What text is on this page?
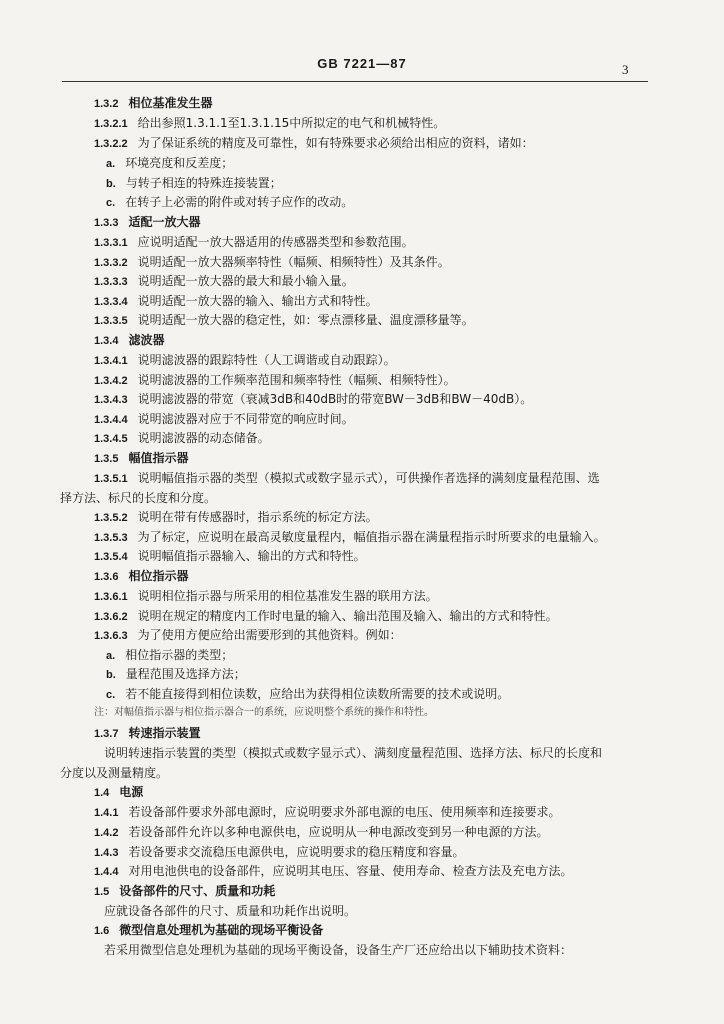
GB 7221—87	3
1.3.2 相位基准发生器
1.3.2.1 给出参照1.3.1.1至1.3.1.15中所拟定的电气和机械特性。
1.3.2.2 为了保证系统的精度及可靠性，如有特殊要求必须给出相应的资料，诸如：
a. 环境亮度和反差度；
b. 与转子相连的特殊连接装置；
c. 在转子上必需的附件或对转子应作的改动。
1.3.3 适配一放大器
1.3.3.1 应说明适配一放大器适用的传感器类型和参数范围。
1.3.3.2 说明适配一放大器频率特性（幅频、相频特性）及其条件。
1.3.3.3 说明适配一放大器的最大和最小输入量。
1.3.3.4 说明适配一放大器的输入、输出方式和特性。
1.3.3.5 说明适配一放大器的稳定性，如：零点漂移量、温度漂移量等。
1.3.4 滤波器
1.3.4.1 说明滤波器的跟踪特性（人工调谐或自动跟踪）。
1.3.4.2 说明滤波器的工作频率范围和频率特性（幅频、相频特性）。
1.3.4.3 说明滤波器的带宽（衰减3dB和40dB时的带宽BW－3dB和BW－40dB）。
1.3.4.4 说明滤波器对应于不同带宽的响应时间。
1.3.4.5 说明滤波器的动态储备。
1.3.5 幅值指示器
1.3.5.1 说明幅值指示器的类型（模拟式或数字显示式），可供操作者选择的满刻度量程范围、选
择方法、标尺的长度和分度。
1.3.5.2 说明在带有传感器时，指示系统的标定方法。
1.3.5.3 为了标定，应说明在最高灵敏度量程内，幅值指示器在满量程指示时所要求的电量输入。
1.3.5.4 说明幅值指示器输入、输出的方式和特性。
1.3.6 相位指示器
1.3.6.1 说明相位指示器与所采用的相位基准发生器的联用方法。
1.3.6.2 说明在规定的精度内工作时电量的输入、输出范围及输入、输出的方式和特性。
1.3.6.3 为了使用方便应给出需要形到的其他资料。例如：
a. 相位指示器的类型；
b. 量程范围及选择方法；
c. 若不能直接得到相位读数，应给出为获得相位读数所需要的技术或说明。
注：对幅值指示器与相位指示器合一的系统，应说明整个系统的操作和特性。
1.3.7 转速指示装置
说明转速指示装置的类型（模拟式或数字显示式）、满刻度量程范围、选择方法、标尺的长度和
分度以及测量精度。
1.4 电源
1.4.1 若设备部件要求外部电源时，应说明要求外部电源的电压、使用频率和连接要求。
1.4.2 若设备部件允许以多种电源供电，应说明从一种电源改变到另一种电源的方法。
1.4.3 若设备要求交流稳压电源供电，应说明要求的稳压精度和容量。
1.4.4 对用电池供电的设备部件，应说明其电压、容量、使用寿命、检查方法及充电方法。
1.5 设备部件的尺寸、质量和功耗
应就设备各部件的尺寸、质量和功耗作出说明。
1.6 微型信息处理机为基础的现场平衡设备
若采用微型信息处理机为基础的现场平衡设备，设备生产厂还应给出以下辅助技术资料：
